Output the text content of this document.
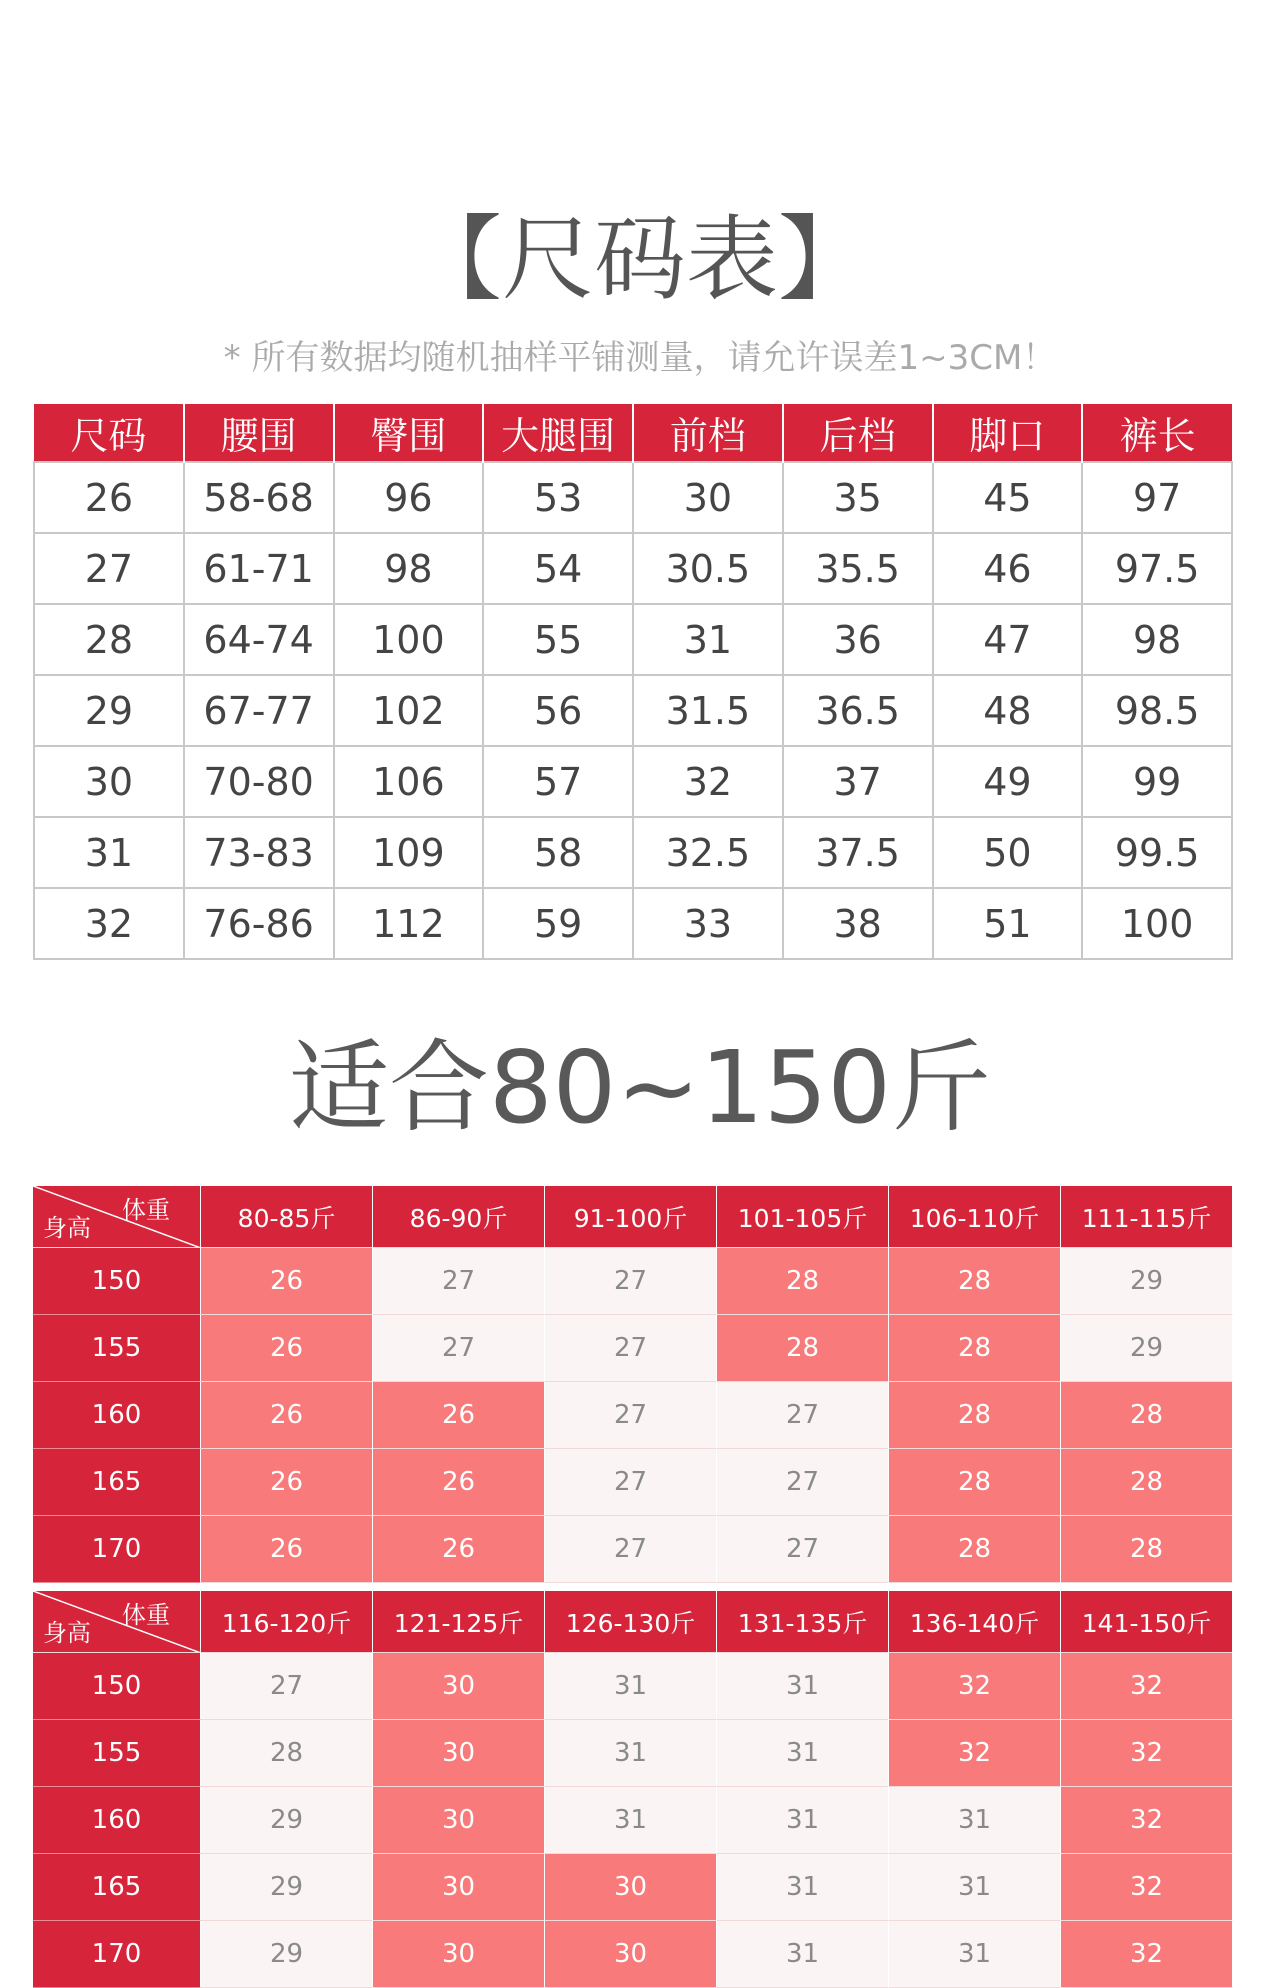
【尺码表】
* 所有数据均随机抽样平铺测量，请允许误差1~3CM！
尺码	腰围	臀围	大腿围	前档	后档	脚口	裤长
26	58-68	96	53	30	35	45	97
27	61-71	98	54	30.5	35.5	46	97.5
28	64-74	100	55	31	36	47	98
29	67-77	102	56	31.5	36.5	48	98.5
30	70-80	106	57	32	37	49	99
31	73-83	109	58	32.5	37.5	50	99.5
32	76-86	112	59	33	38	51	100
适合80~150斤
体重
身高	80-85斤	86-90斤	91-100斤	101-105斤	106-110斤	111-115斤
150	26	27	27	28	28	29
155	26	27	27	28	28	29
160	26	26	27	27	28	28
165	26	26	27	27	28	28
170	26	26	27	27	28	28
体重
身高	116-120斤	121-125斤	126-130斤	131-135斤	136-140斤	141-150斤
150	27	30	31	31	32	32
155	28	30	31	31	32	32
160	29	30	31	31	31	32
165	29	30	30	31	31	32
170	29	30	30	31	31	32
